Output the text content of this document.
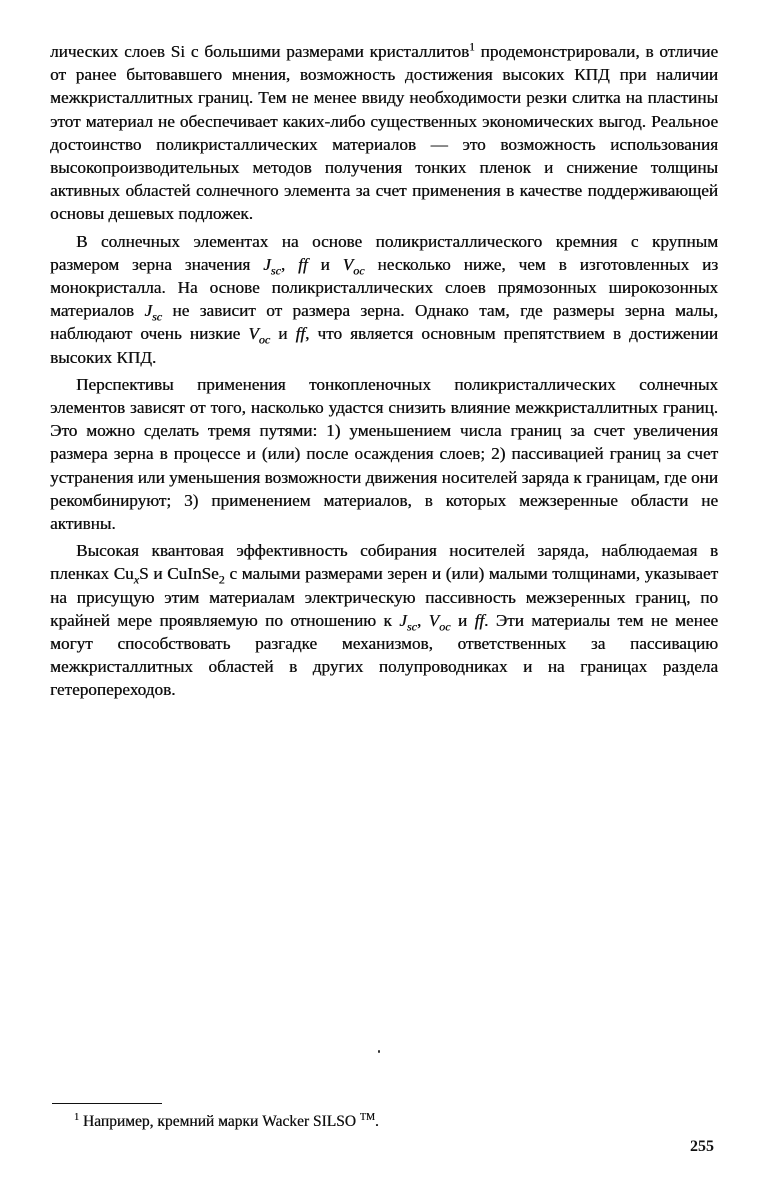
лических слоев Si с большими размерами кристаллитов$^1$ продемонстрировали, в отличие от ранее бытовавшего мнения, возможность достижения высоких КПД при наличии межкристаллитных границ. Тем не менее ввиду необходимости резки слитка на пластины этот материал не обеспечивает каких-либо существенных экономических выгод. Реальное достоинство поликристаллических материалов — это возможность использования высокопроизводительных методов получения тонких пленок и снижение толщины активных областей солнечного элемента за счет применения в качестве поддерживающей основы дешевых подложек.

В солнечных элементах на основе поликристаллического кремния с крупным размером зерна значения $J_{sc}$, ff и $V_{oc}$ несколько ниже, чем в изготовленных из монокристалла. На основе поликристаллических слоев прямозонных широкозонных материалов $J_{sc}$ не зависит от размера зерна. Однако там, где размеры зерна малы, наблюдают очень низкие $V_{oc}$ и ff, что является основным препятствием в достижении высоких КПД.

Перспективы применения тонкопленочных поликристаллических солнечных элементов зависят от того, насколько удастся снизить влияние межкристаллитных границ. Это можно сделать тремя путями: 1) уменьшением числа границ за счет увеличения размера зерна в процессе и (или) после осаждения слоев; 2) пассивацией границ за счет устранения или уменьшения возможности движения носителей заряда к границам, где они рекомбинируют; 3) применением материалов, в которых межзеренные области не активны.

Высокая квантовая эффективность собирания носителей заряда, наблюдаемая в пленках $Cu_xS$ и CuInSe$_2$ с малыми размерами зерен и (или) малыми толщинами, указывает на присущую этим материалам электрическую пассивность межзеренных границ, по крайней мере проявляемую по отношению к $J_{sc}$, $V_{oc}$ и ff. Эти материалы тем не менее могут способствовать разгадке механизмов, ответственных за пассивацию межкристаллитных областей в других полупроводниках и на границах раздела гетеропереходов.

$^1$ Например, кремний марки Wacker SILSO ™.
255
